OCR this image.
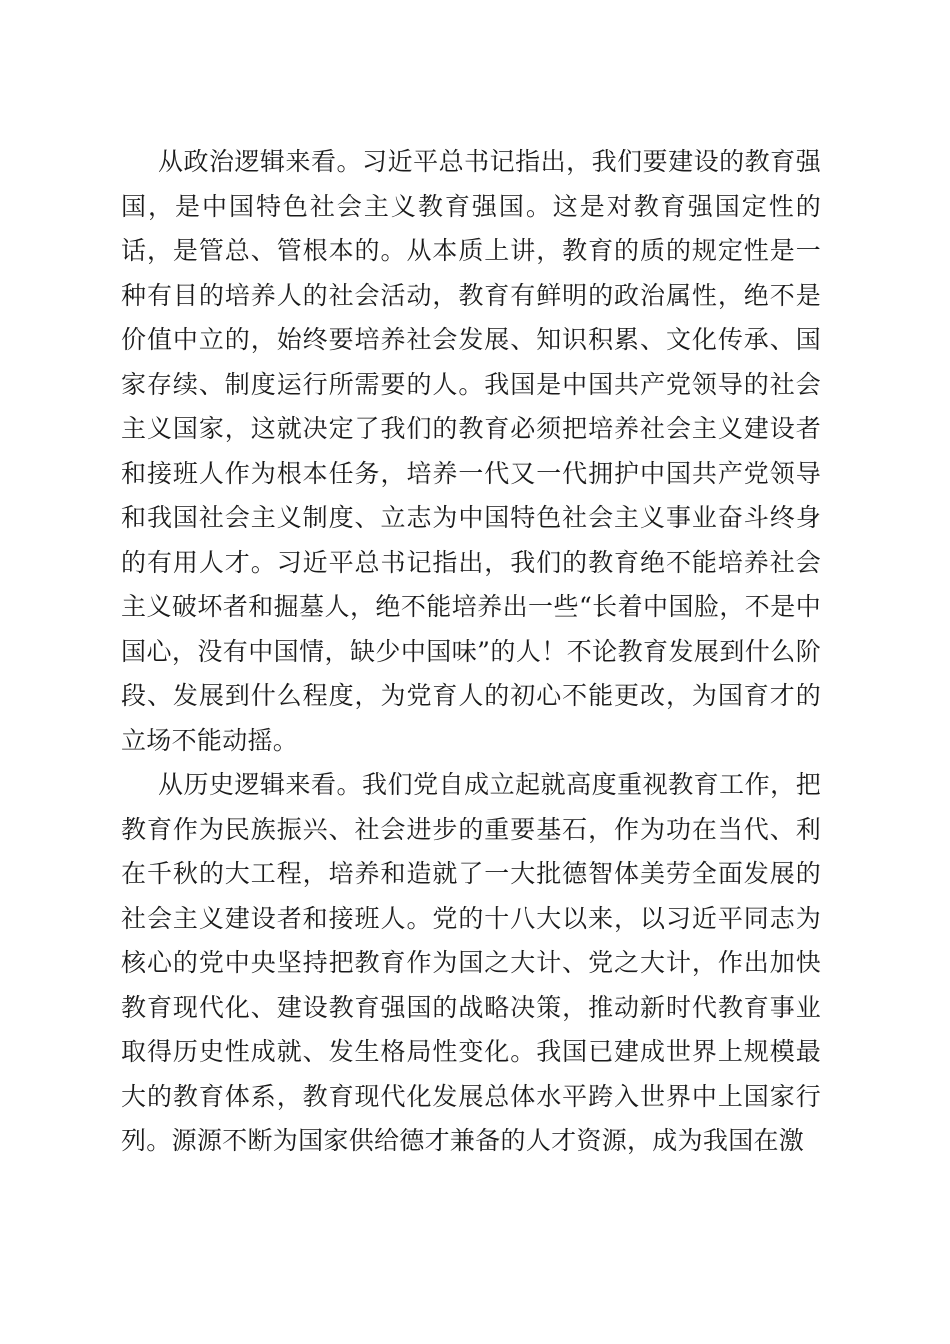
从政治逻辑来看。习近平总书记指出，我们要建设的教育强国，是中国特色社会主义教育强国。这是对教育强国定性的话，是管总、管根本的。从本质上讲，教育的质的规定性是一种有目的培养人的社会活动，教育有鲜明的政治属性，绝不是价值中立的，始终要培养社会发展、知识积累、文化传承、国家存续、制度运行所需要的人。我国是中国共产党领导的社会主义国家，这就决定了我们的教育必须把培养社会主义建设者和接班人作为根本任务，培养一代又一代拥护中国共产党领导和我国社会主义制度、立志为中国特色社会主义事业奋斗终身的有用人才。习近平总书记指出，我们的教育绝不能培养社会主义破坏者和掘墓人，绝不能培养出一些“长着中国脸，不是中国心，没有中国情，缺少中国味”的人！不论教育发展到什么阶段、发展到什么程度，为党育人的初心不能更改，为国育才的立场不能动摇。

从历史逻辑来看。我们党自成立起就高度重视教育工作，把教育作为民族振兴、社会进步的重要基石，作为功在当代、利在千秋的大工程，培养和造就了一大批德智体美劳全面发展的社会主义建设者和接班人。党的十八大以来，以习近平同志为核心的党中央坚持把教育作为国之大计、党之大计，作出加快教育现代化、建设教育强国的战略决策，推动新时代教育事业取得历史性成就、发生格局性变化。我国已建成世界上规模最大的教育体系，教育现代化发展总体水平跨入世界中上国家行列。源源不断为国家供给德才兼备的人才资源，成为我国在激
